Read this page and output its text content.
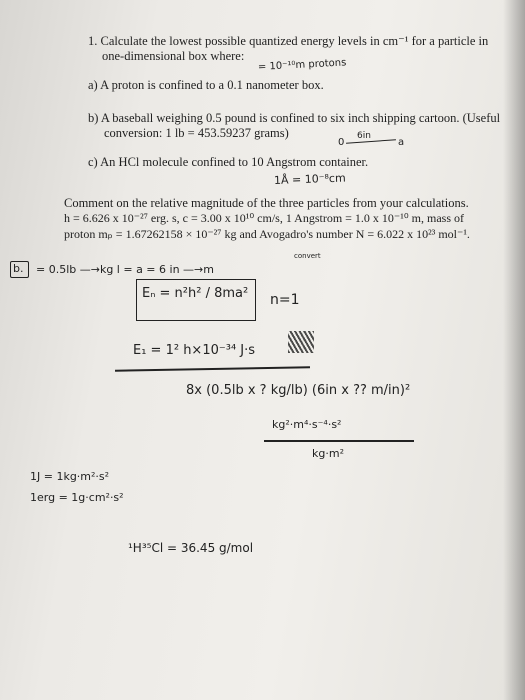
1. Calculate the lowest possible quantized energy levels in cm⁻¹ for a particle in
one-dimensional box where:
a) A proton is confined to a 0.1 nanometer box.
b) A baseball weighing 0.5 pound is confined to six inch shipping cartoon. (Useful
conversion: 1 lb = 453.59237 grams)
c) An HCl molecule confined to 10 Angstrom container.
Comment on the relative magnitude of the three particles from your calculations.
h = 6.626 x 10⁻²⁷ erg. s, c = 3.00 x 10¹⁰ cm/s, 1 Angstrom = 1.0 x 10⁻¹⁰ m, mass of
proton mₚ = 1.67262158 × 10⁻²⁷ kg and Avogadro's number N = 6.022 x 10²³ mol⁻¹.
= 10⁻¹⁰m protons
6in
0	a
1Å = 10⁻⁸cm
b. = 0.5lb —→kg l = a = 6 in —→m
convert
Eₙ = n²h² / 8ma² n=1
E₁ = 1² h×10⁻³⁴ J·s
8x (0.5lb x ? kg/lb) (6in x ?? m/in)²
kg²·m⁴·s⁻⁴·s²
kg·m²
1J = 1kg·m²·s²
1erg = 1g·cm²·s²
¹H³⁵Cl = 36.45 g/mol
